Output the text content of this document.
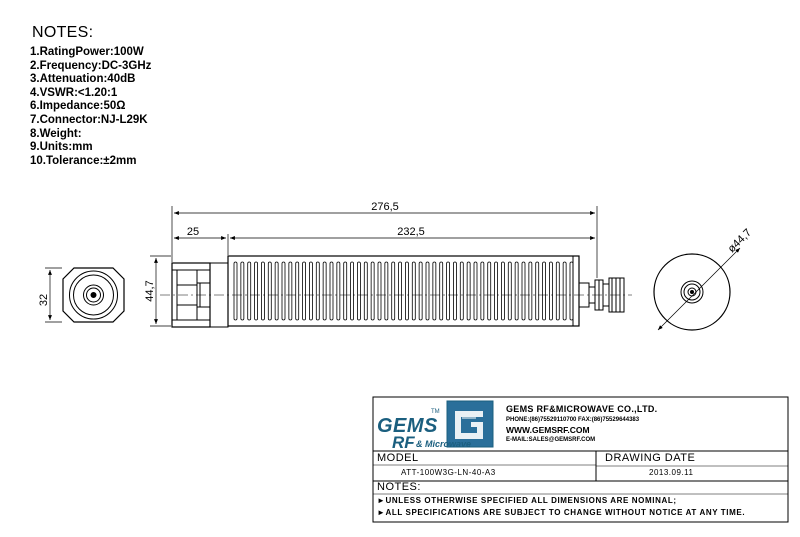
NOTES:
1.RatingPower:100W
2.Frequency:DC-3GHz
3.Attenuation:40dB
4.VSWR:<1.20:1
6.Impedance:50Ω
7.Connector:NJ-L29K
8.Weight:
9.Units:mm
10.Tolerance:±2mm
32
276,5
25	232,5
44,7
ø44,7
GEMS
TM
RF & Microwave
GEMS RF&MICROWAVE CO.,LTD.
PHONE:(86)75529110700 FAX:(86)75529644383
WWW.GEMSRF.COM
E-MAIL:SALES@GEMSRF.COM
MODEL
ATT-100W3G-LN-40-A3
DRAWING DATE
2013.09.11
NOTES:
►UNLESS OTHERWISE SPECIFIED ALL DIMENSIONS ARE NOMINAL;
►ALL SPECIFICATIONS ARE SUBJECT TO CHANGE WITHOUT NOTICE AT ANY TIME.
